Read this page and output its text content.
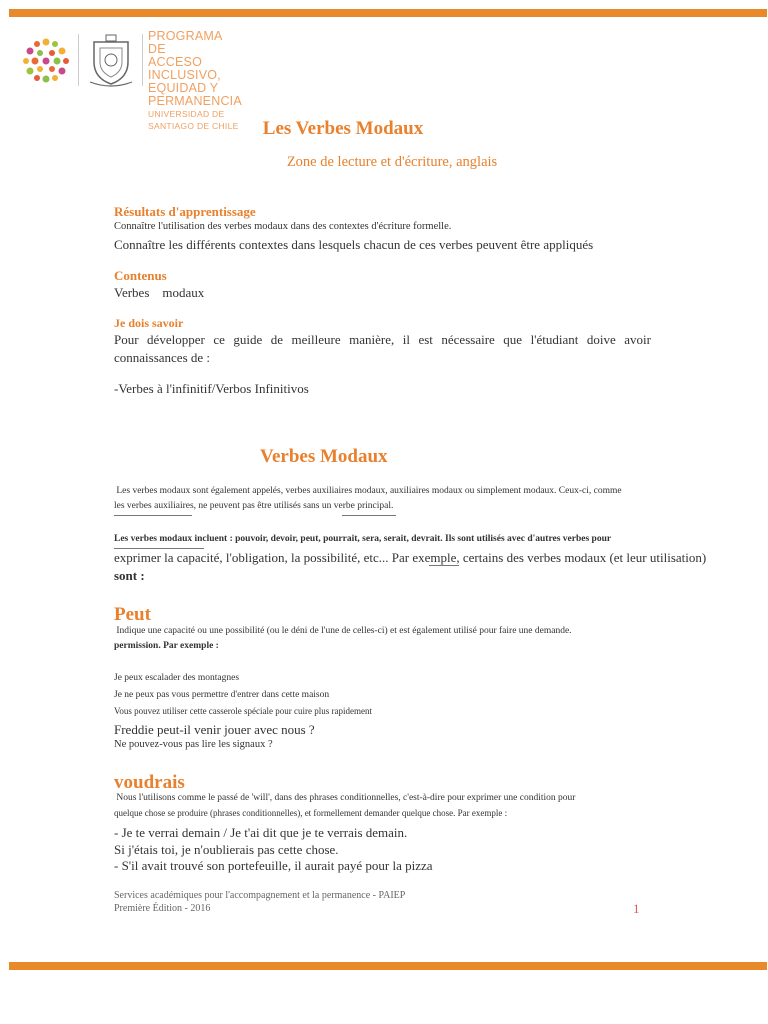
PROGRAMA DE
ACCESO INCLUSIVO,
EQUIDAD Y PERMANENCIA
UNIVERSIDAD DE SANTIAGO DE CHILE	Les Verbes Modaux
Zone de lecture et d'écriture, anglais
Résultats d'apprentissage
Connaître l'utilisation des verbes modaux dans des contextes d'écriture formelle.
Connaître les différents contextes dans lesquels chacun de ces verbes peuvent être appliqués
Contenus
Verbes    modaux
Je dois savoir
Pour développer ce guide de meilleure manière, il est nécessaire que l'étudiant doive avoir connaissances de :
-Verbes à l'infinitif/Verbos Infinitivos
Verbes Modaux
Les verbes modaux sont également appelés, verbes auxiliaires modaux, auxiliaires modaux ou simplement modaux. Ceux-ci, comme
les verbes auxiliaires, ne peuvent pas être utilisés sans un verbe principal.
Les verbes modaux incluent : pouvoir, devoir, peut, pourrait, sera, serait, devrait. Ils sont utilisés avec d'autres verbes pour
exprimer la capacité, l'obligation, la possibilité, etc... Par exemple, certains des verbes modaux (et leur utilisation)
sont :
Peut
Indique une capacité ou une possibilité (ou le déni de l'une de celles-ci) et est également utilisé pour faire une demande.
permission. Par exemple :
Je peux escalader des montagnes
Je ne peux pas vous permettre d'entrer dans cette maison
Vous pouvez utiliser cette casserole spéciale pour cuire plus rapidement
Freddie peut-il venir jouer avec nous ?
Ne pouvez-vous pas lire les signaux ?
voudrais
Nous l'utilisons comme le passé de 'will', dans des phrases conditionnelles, c'est-à-dire pour exprimer une condition pour
quelque chose se produire (phrases conditionnelles), et formellement demander quelque chose. Par exemple :
- Je te verrai demain / Je t'ai dit que je te verrais demain.
Si j'étais toi, je n'oublierais pas cette chose.
- S'il avait trouvé son portefeuille, il aurait payé pour la pizza
Services académiques pour l'accompagnement et la permanence - PAIEP
Première Édition - 2016	1
